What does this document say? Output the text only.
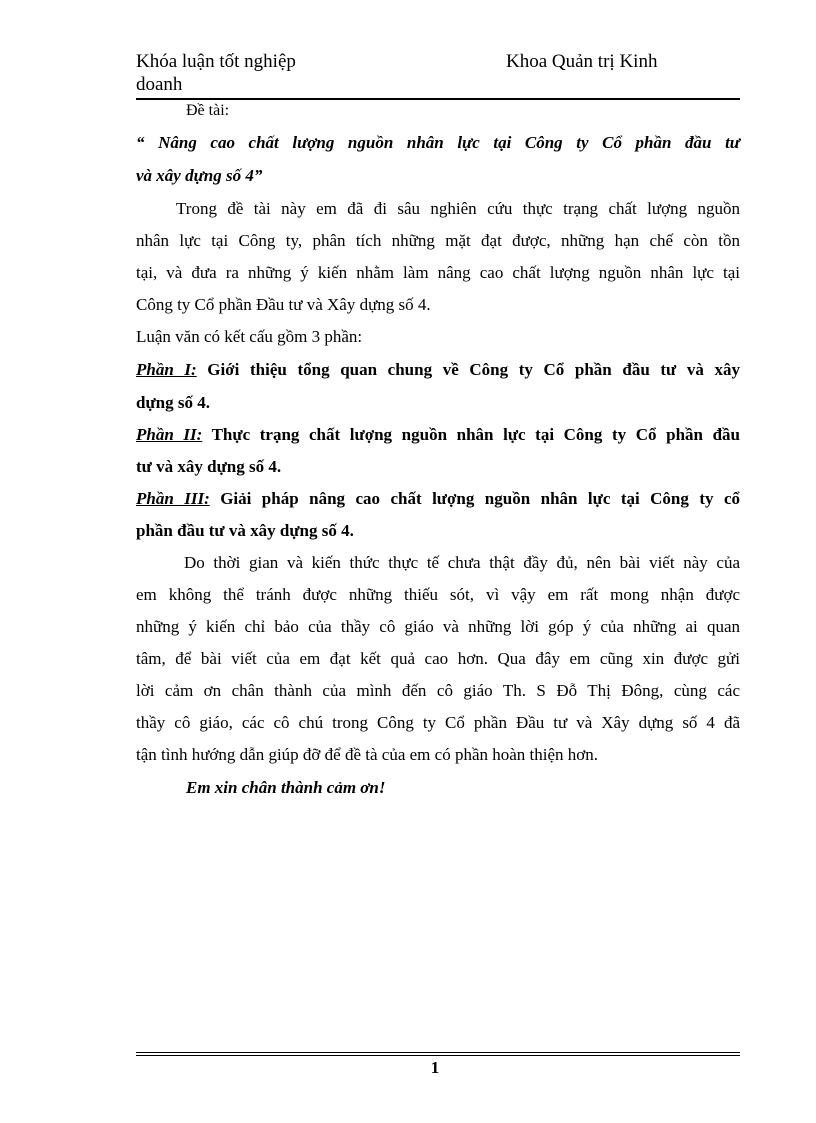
Khóa luận tốt nghiệp
doanh
Khoa Quản trị Kinh
Đề tài:
“ Nâng cao chất lượng nguồn nhân lực tại Công ty Cổ phần đầu tư
và xây dựng số 4”
Trong đề tài này em đã đi sâu nghiên cứu thực trạng chất lượng nguồn
nhân lực tại Công ty, phân tích những mặt đạt được, những hạn chế còn tồn
tại, và đưa ra những ý kiến nhằm làm nâng cao chất lượng nguồn nhân lực tại
Công ty Cổ phần Đầu tư và Xây dựng số 4.
Luận văn có kết cấu gồm 3 phần:
Phần I: Giới thiệu tổng quan chung về Công ty Cổ phần đầu tư và xây
dựng số 4.
Phần II: Thực trạng chất lượng nguồn nhân lực tại Công ty Cổ phần đầu
tư và xây dựng số 4.
Phần III: Giải pháp nâng cao chất lượng nguồn nhân lực tại Công ty cổ
phần đầu tư và xây dựng số 4.
Do thời gian và kiến thức thực tế chưa thật đầy đủ, nên bài viết này của
em không thể tránh được những thiếu sót, vì vậy em rất mong nhận được
những ý kiến chỉ bảo của thầy cô giáo và những lời góp ý của những ai quan
tâm, để bài viết của em đạt kết quả cao hơn. Qua đây em cũng xin được gửi
lời cảm ơn chân thành của mình đến cô giáo Th. S Đỗ Thị Đông, cùng các
thầy cô giáo, các cô chú trong Công ty Cổ phần Đầu tư và Xây dựng số 4 đã
tận tình hướng dẫn giúp đỡ để đề tà của em có phần hoàn thiện hơn.
Em xin chân thành cảm ơn!
1
